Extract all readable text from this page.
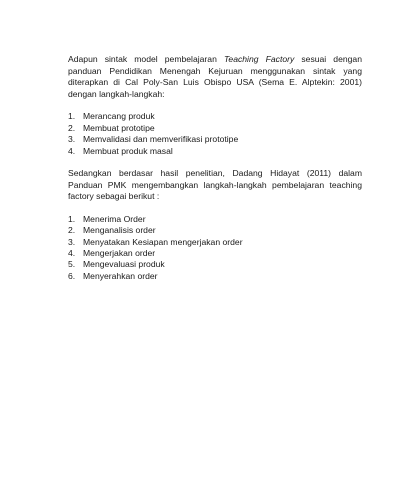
Adapun sintak model pembelajaran Teaching Factory sesuai dengan panduan Pendidikan Menengah Kejuruan menggunakan sintak yang diterapkan di Cal Poly-San Luis Obispo USA (Sema E. Alptekin: 2001) dengan langkah-langkah:

1. Merancang produk
2. Membuat prototipe
3. Memvalidasi dan memverifikasi prototipe
4. Membuat produk masal

Sedangkan berdasar hasil penelitian, Dadang Hidayat (2011) dalam Panduan PMK mengembangkan langkah-langkah pembelajaran teaching factory sebagai berikut :

1. Menerima Order
2. Menganalisis order
3. Menyatakan Kesiapan mengerjakan order
4. Mengerjakan order
5. Mengevaluasi produk
6. Menyerahkan order
